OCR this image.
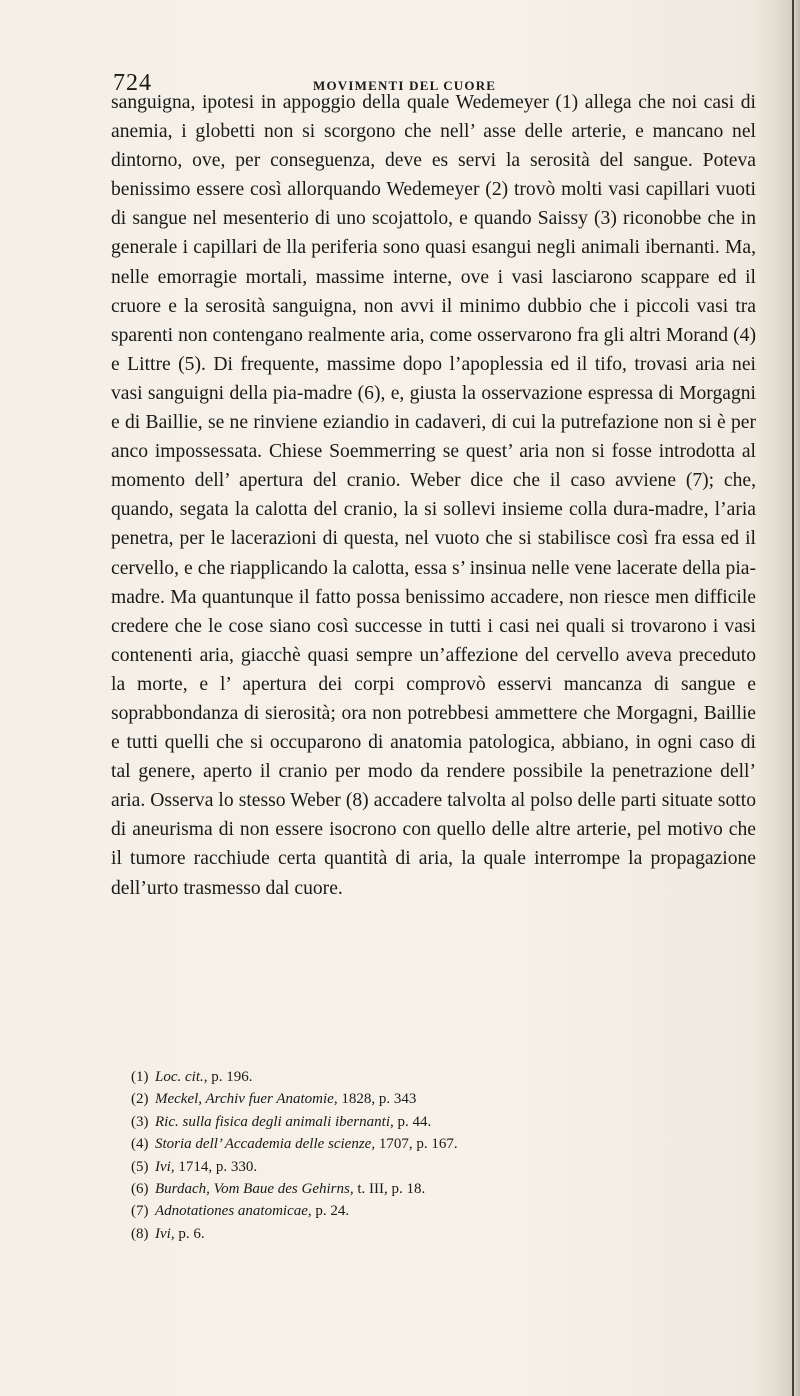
724	MOVIMENTI DEL CUORE

sanguigna, ipotesi in appoggio della quale Wedemeyer (1) allega che noi casi di anemia, i globetti non si scorgono che nell’ asse delle arterie, e mancano nel dintorno, ove, per conseguenza, deve es servi la serosità del sangue. Poteva benissimo essere così allorquando Wedemeyer (2) trovò molti vasi capillari vuoti di sangue nel mesenterio di uno scojattolo, e quando Saissy (3) riconobbe che in generale i capillari de lla periferia sono quasi esangui negli animali ibernanti. Ma, nelle emorragie mortali, massime interne, ove i vasi lasciarono scappare ed il cruore e la serosità sanguigna, non avvi il minimo dubbio che i piccoli vasi tra sparenti non contengano realmente aria, come osservarono fra gli altri Morand (4) e Littre (5). Di frequente, massime dopo l’apoplessia ed il tifo, trovasi aria nei vasi sanguigni della pia-madre (6), e, giusta la osservazione espressa di Morgagni e di Baillie, se ne rinviene eziandio in cadaveri, di cui la putrefazione non si è per anco impossessata. Chiese Soemmerring se quest’ aria non si fosse introdotta al momento dell’ apertura del cranio. Weber dice che il caso avviene (7); che, quando, segata la calotta del cranio, la si sollevi insieme colla dura-madre, l’aria penetra, per le lacerazioni di questa, nel vuoto che si stabilisce così fra essa ed il cervello, e che riapplicando la calotta, essa s’ insinua nelle vene lacerate della pia-madre. Ma quantunque il fatto possa benissimo accadere, non riesce men difficile credere che le cose siano così successe in tutti i casi nei quali si trovarono i vasi contenenti aria, giacchè quasi sempre un’affezione del cervello aveva preceduto la morte, e l’ apertura dei corpi comprovò esservi mancanza di sangue e soprabbondanza di sierosità; ora non potrebbesi ammettere che Morgagni, Baillie e tutti quelli che si occuparono di anatomia patologica, abbiano, in ogni caso di tal genere, aperto il cranio per modo da rendere possibile la penetrazione dell’ aria. Osserva lo stesso Weber (8) accadere talvolta al polso delle parti situate sotto di aneurisma di non essere isocrono con quello delle altre arterie, pel motivo che il tumore racchiude certa quantità di aria, la quale interrompe la propagazione dell’urto trasmesso dal cuore.

(1) Loc. cit., p. 196.
(2) Meckel, Archiv fuer Anatomie, 1828, p. 343
(3) Ric. sulla fisica degli animali ibernanti, p. 44.
(4) Storia dell’ Accademia delle scienze, 1707, p. 167.
(5) Ivi, 1714, p. 330.
(6) Burdach, Vom Baue des Gehirns, t. III, p. 18.
(7) Adnotationes anatomicae, p. 24.
(8) Ivi, p. 6.
